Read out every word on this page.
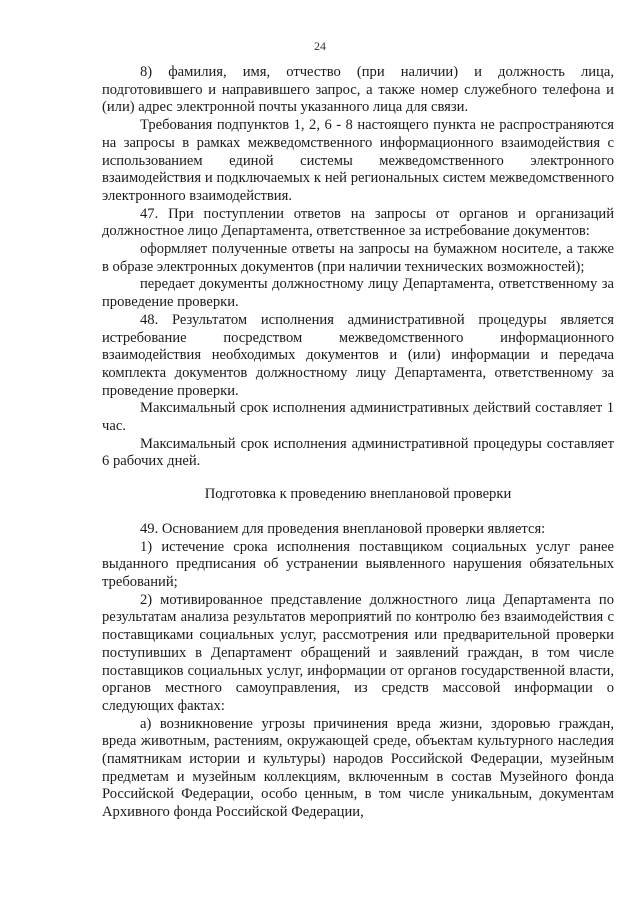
24

8) фамилия, имя, отчество (при наличии) и должность лица, подготовившего и направившего запрос, а также номер служебного телефона и (или) адрес электронной почты указанного лица для связи.

Требования подпунктов 1, 2, 6 - 8 настоящего пункта не распространяются на запросы в рамках межведомственного информационного взаимодействия с использованием единой системы межведомственного электронного взаимодействия и подключаемых к ней региональных систем межведомственного электронного взаимодействия.

47. При поступлении ответов на запросы от органов и организаций должностное лицо Департамента, ответственное за истребование документов:

оформляет полученные ответы на запросы на бумажном носителе, а также в образе электронных документов (при наличии технических возможностей);

передает документы должностному лицу Департамента, ответственному за проведение проверки.

48. Результатом исполнения административной процедуры является истребование посредством межведомственного информационного взаимодействия необходимых документов и (или) информации и передача комплекта документов должностному лицу Департамента, ответственному за проведение проверки.

Максимальный срок исполнения административных действий составляет 1 час.

Максимальный срок исполнения административной процедуры составляет 6 рабочих дней.

Подготовка к проведению внеплановой проверки

49. Основанием для проведения внеплановой проверки является:

1) истечение срока исполнения поставщиком социальных услуг ранее выданного предписания об устранении выявленного нарушения обязательных требований;

2) мотивированное представление должностного лица Департамента по результатам анализа результатов мероприятий по контролю без взаимодействия с поставщиками социальных услуг, рассмотрения или предварительной проверки поступивших в Департамент обращений и заявлений граждан, в том числе поставщиков социальных услуг, информации от органов государственной власти, органов местного самоуправления, из средств массовой информации о следующих фактах:

а) возникновение угрозы причинения вреда жизни, здоровью граждан, вреда животным, растениям, окружающей среде, объектам культурного наследия (памятникам истории и культуры) народов Российской Федерации, музейным предметам и музейным коллекциям, включенным в состав Музейного фонда Российской Федерации, особо ценным, в том числе уникальным, документам Архивного фонда Российской Федерации,
